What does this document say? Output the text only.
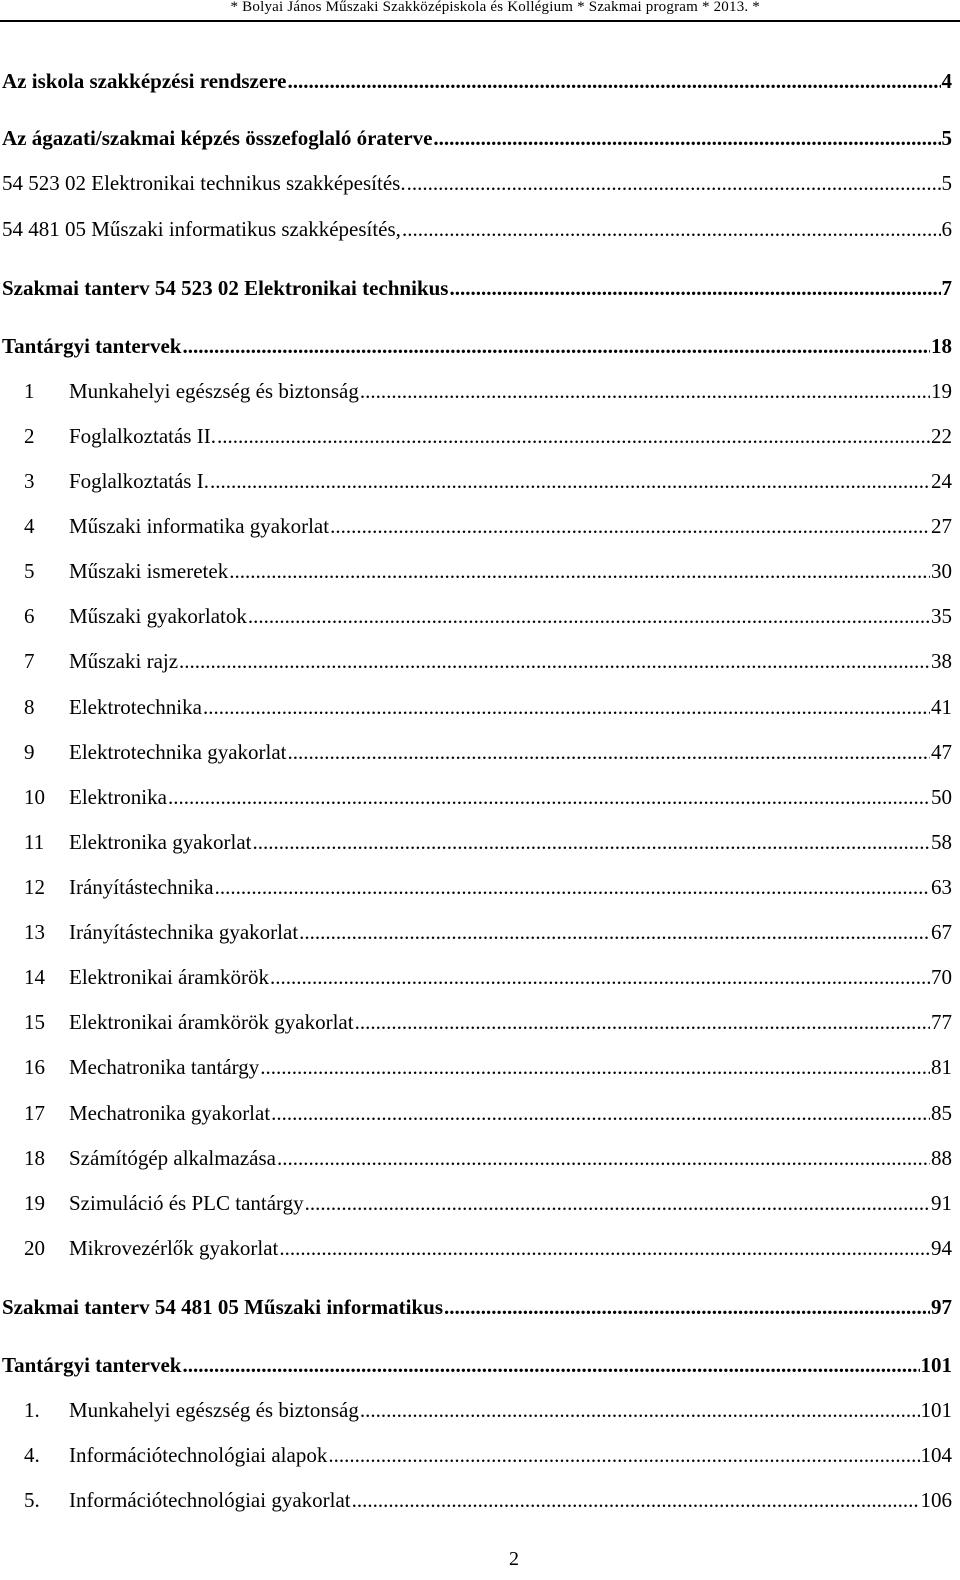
* Bolyai János Műszaki Szakközépiskola és Kollégium * Szakmai program * 2013. *
Az iskola szakképzési rendszere .....	4
Az ágazati/szakmai képzés összefoglaló óraterve .....	5
54 523 02 Elektronikai technikus szakképesítés. .....	5
54 481 05 Műszaki informatikus szakképesítés, .....	6
Szakmai tanterv 54 523 02 Elektronikai technikus .....	7
Tantárgyi tantervek .....	18
1	Munkahelyi egészség és biztonság .....	19
2	Foglalkoztatás II. .....	22
3	Foglalkoztatás I. .....	24
4	Műszaki informatika gyakorlat .....	27
5	Műszaki ismeretek .....	30
6	Műszaki gyakorlatok .....	35
7	Műszaki rajz .....	38
8	Elektrotechnika .....	41
9	Elektrotechnika gyakorlat .....	47
10	Elektronika .....	50
11	Elektronika gyakorlat .....	58
12	Irányítástechnika .....	63
13	Irányítástechnika gyakorlat .....	67
14	Elektronikai áramkörök .....	70
15	Elektronikai áramkörök gyakorlat .....	77
16	Mechatronika tantárgy .....	81
17	Mechatronika gyakorlat .....	85
18	Számítógép alkalmazása .....	88
19	Szimuláció és PLC tantárgy .....	91
20	Mikrovezérlők gyakorlat .....	94
Szakmai tanterv 54 481 05 Műszaki informatikus .....	97
Tantárgyi tantervek .....	101
1.	Munkahelyi egészség és biztonság .....	101
4.	Információtechnológiai alapok .....	104
5.	Információtechnológiai gyakorlat .....	106
2
